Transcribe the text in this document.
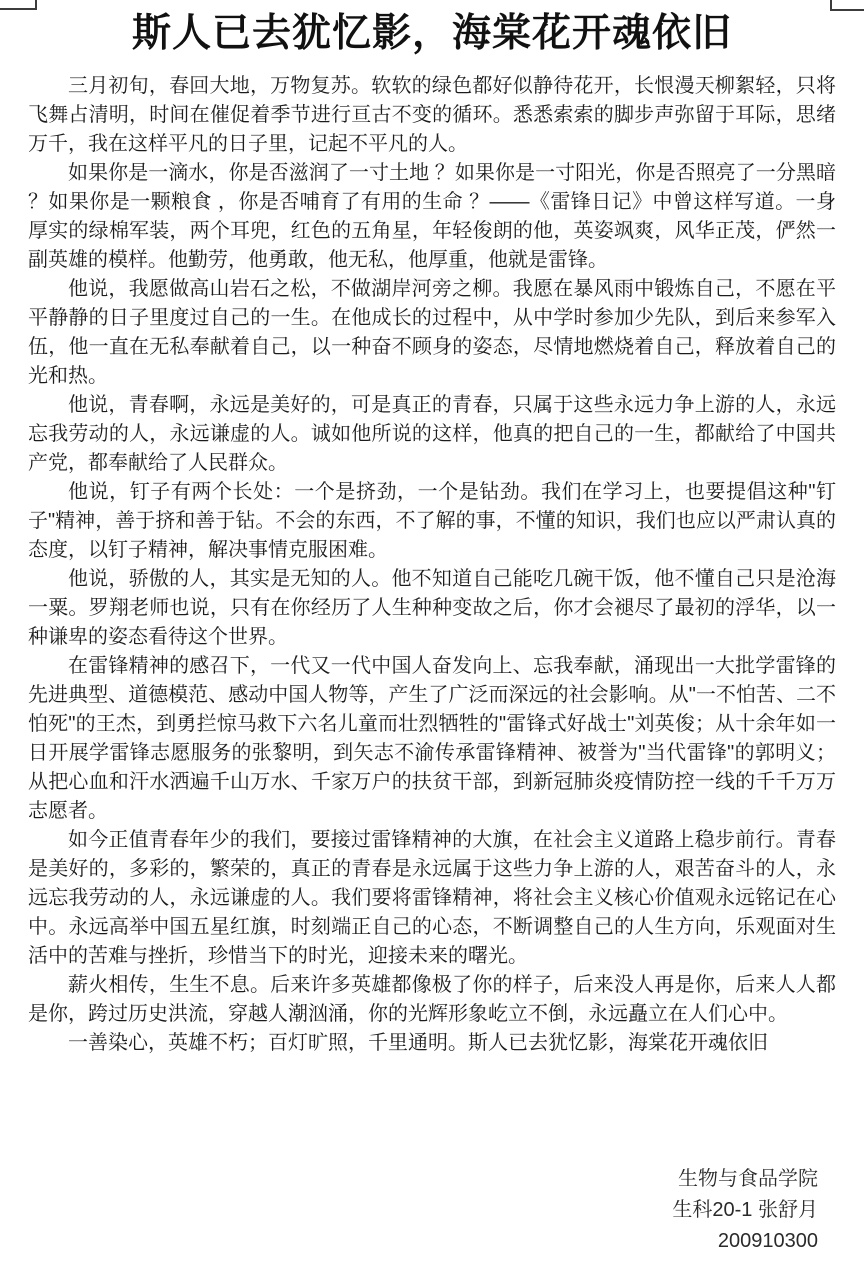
斯人已去犹忆影，海棠花开魂依旧

三月初旬，春回大地，万物复苏。软软的绿色都好似静待花开，长恨漫天柳絮轻，只将飞舞占清明，时间在催促着季节进行亘古不变的循环。悉悉索索的脚步声弥留于耳际，思绪万千，我在这样平凡的日子里，记起不平凡的人。

如果你是一滴水，你是否滋润了一寸土地 ？如果你是一寸阳光，你是否照亮了一分黑暗 ？如果你是一颗粮食 ，你是否哺育了有用的生命 ？——《雷锋日记》中曾这样写道。一身厚实的绿棉军装，两个耳兜，红色的五角星，年轻俊朗的他，英姿飒爽，风华正茂，俨然一副英雄的模样。他勤劳，他勇敢，他无私，他厚重，他就是雷锋。

他说，我愿做高山岩石之松，不做湖岸河旁之柳。我愿在暴风雨中锻炼自己，不愿在平平静静的日子里度过自己的一生。在他成长的过程中，从中学时参加少先队，到后来参军入伍，他一直在无私奉献着自己，以一种奋不顾身的姿态，尽情地燃烧着自己，释放着自己的光和热。

他说，青春啊，永远是美好的，可是真正的青春，只属于这些永远力争上游的人，永远忘我劳动的人，永远谦虚的人。诚如他所说的这样，他真的把自己的一生，都献给了中国共产党，都奉献给了人民群众。

他说，钉子有两个长处：一个是挤劲，一个是钻劲。我们在学习上，也要提倡这种"钉子"精神，善于挤和善于钻。不会的东西，不了解的事，不懂的知识，我们也应以严肃认真的态度，以钉子精神，解决事情克服困难。

他说，骄傲的人，其实是无知的人。他不知道自己能吃几碗干饭，他不懂自己只是沧海一粟。罗翔老师也说，只有在你经历了人生种种变故之后，你才会褪尽了最初的浮华，以一种谦卑的姿态看待这个世界。

在雷锋精神的感召下，一代又一代中国人奋发向上、忘我奉献，涌现出一大批学雷锋的先进典型、道德模范、感动中国人物等，产生了广泛而深远的社会影响。从"一不怕苦、二不怕死"的王杰，到勇拦惊马救下六名儿童而壮烈牺牲的"雷锋式好战士"刘英俊；从十余年如一日开展学雷锋志愿服务的张黎明，到矢志不渝传承雷锋精神、被誉为"当代雷锋"的郭明义；从把心血和汗水洒遍千山万水、千家万户的扶贫干部，到新冠肺炎疫情防控一线的千千万万志愿者。

如今正值青春年少的我们，要接过雷锋精神的大旗，在社会主义道路上稳步前行。青春是美好的，多彩的，繁荣的，真正的青春是永远属于这些力争上游的人，艰苦奋斗的人，永远忘我劳动的人，永远谦虚的人。我们要将雷锋精神，将社会主义核心价值观永远铭记在心中。永远高举中国五星红旗，时刻端正自己的心态，不断调整自己的人生方向，乐观面对生活中的苦难与挫折，珍惜当下的时光，迎接未来的曙光。

薪火相传，生生不息。后来许多英雄都像极了你的样子，后来没人再是你，后来人人都是你，跨过历史洪流，穿越人潮汹涌，你的光辉形象屹立不倒，永远矗立在人们心中。

一善染心，英雄不朽；百灯旷照，千里通明。斯人已去犹忆影，海棠花开魂依旧

生物与食品学院
生科20-1 张舒月
200910300
